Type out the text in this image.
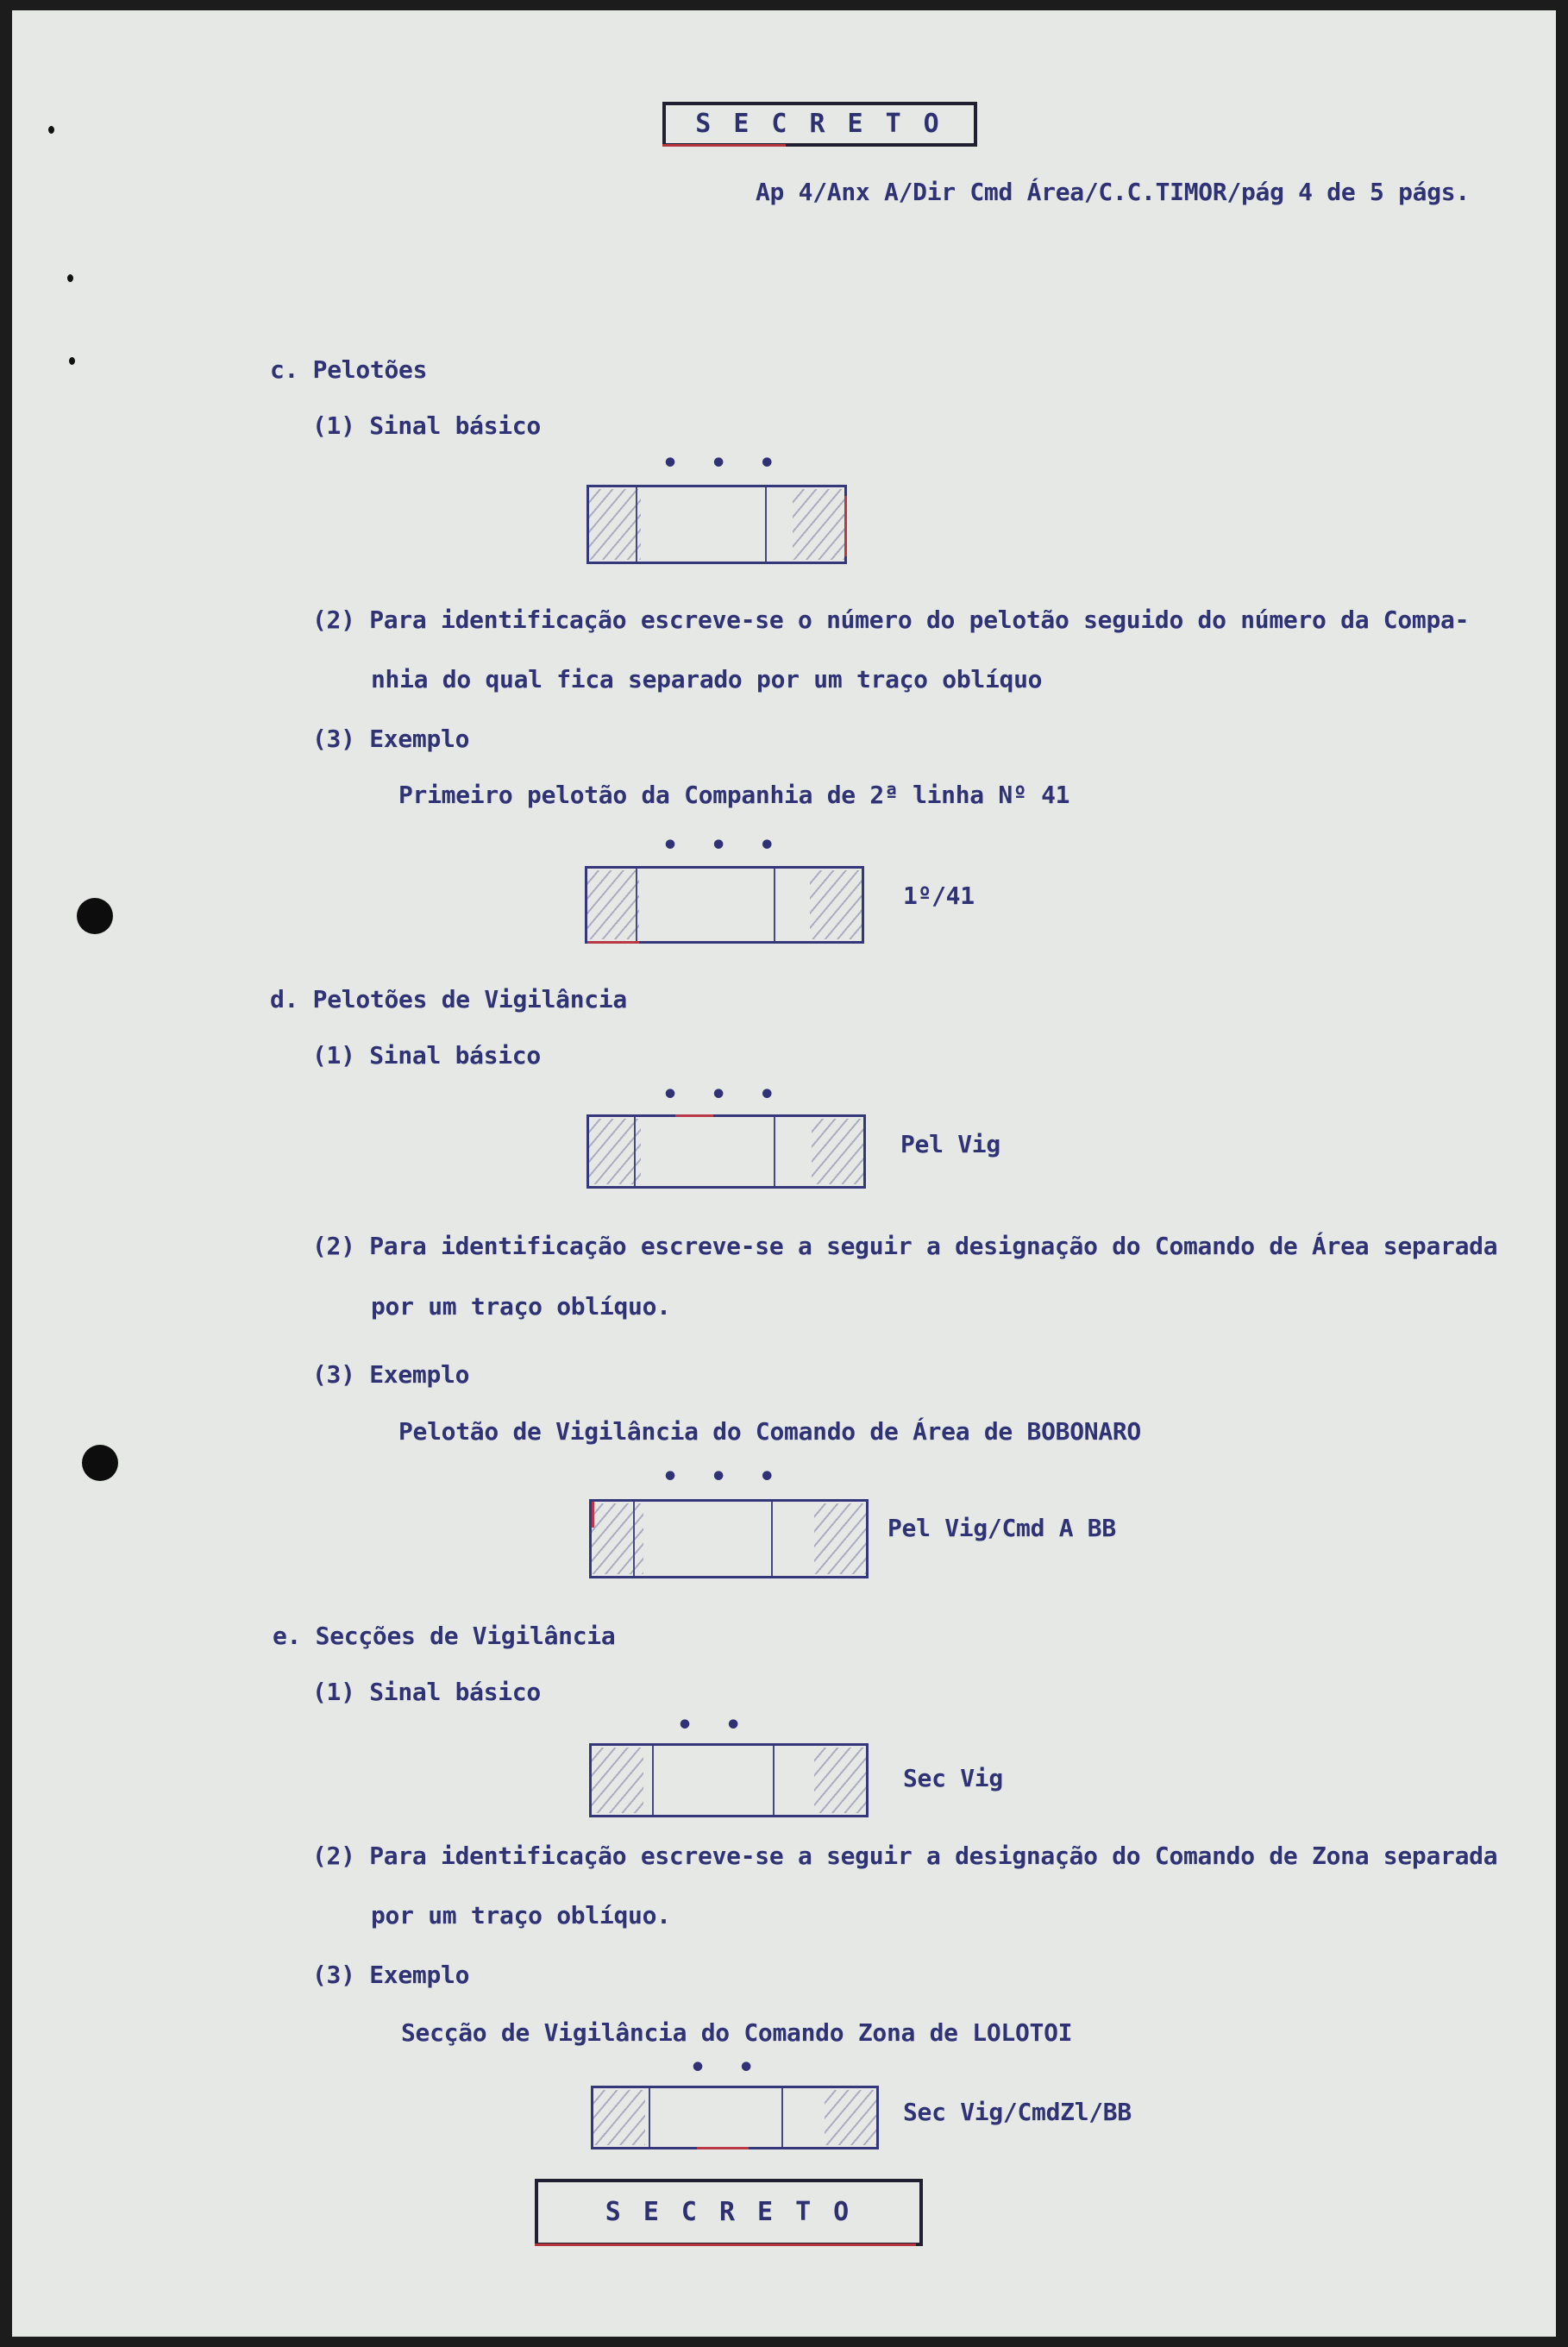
SECRETO
Ap 4/Anx A/Dir Cmd Área/C.C.TIMOR/pág 4 de 5 págs.
c. Pelotões
(1) Sinal básico
• • •
(2) Para identificação escreve-se o número do pelotão seguido do número da Compa-
nhia do qual fica separado por um traço oblíquo
(3) Exemplo
Primeiro pelotão da Companhia de 2ª linha Nº 41
• • •
1º/41
d. Pelotões de Vigilância
(1) Sinal básico
• • •
Pel Vig
(2) Para identificação escreve-se a seguir a designação do Comando de Área separada
por um traço oblíquo.
(3) Exemplo
Pelotão de Vigilância do Comando de Área de BOBONARO
• • •
Pel Vig/Cmd A BB
e. Secções de Vigilância
(1) Sinal básico
• •
Sec Vig
(2) Para identificação escreve-se a seguir a designação do Comando de Zona separada
por um traço oblíquo.
(3) Exemplo
Secção de Vigilância do Comando Zona de LOLOTOI
• •
Sec Vig/CmdZl/BB
SECRETO
